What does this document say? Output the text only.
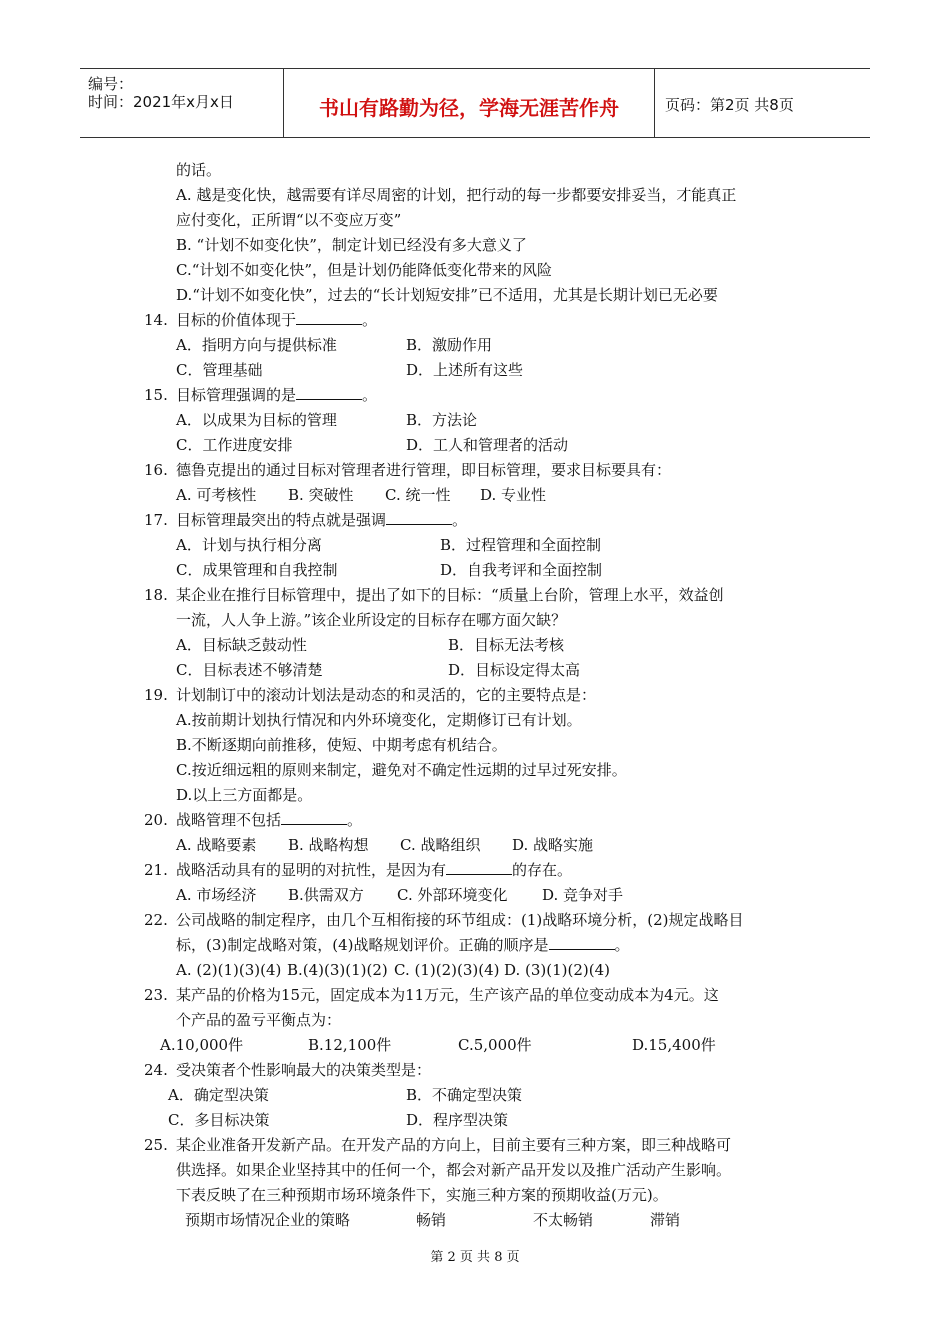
编号：
时间：2021年x月x日	书山有路勤为径，学海无涯苦作舟	页码：第2页 共8页
的话。
A. 越是变化快，越需要有详尽周密的计划，把行动的每一步都要安排妥当，才能真正
应付变化，正所谓“以不变应万变”
B. “计划不如变化快”，制定计划已经没有多大意义了
C.“计划不如变化快”，但是计划仍能降低变化带来的风险
D.“计划不如变化快”，过去的“长计划短安排”已不适用，尤其是长期计划已无必要
14. 目标的价值体现于	。
A．指明方向与提供标准	B．激励作用
C．管理基础	D．上述所有这些
15. 目标管理强调的是	。
A．以成果为目标的管理	B．方法论
C．工作进度安排	D．工人和管理者的活动
16. 德鲁克提出的通过目标对管理者进行管理，即目标管理，要求目标要具有：
A. 可考核性 B. 突破性 C. 统一性 D. 专业性
17. 目标管理最突出的特点就是强调	。
A．计划与执行相分离	B．过程管理和全面控制
C．成果管理和自我控制	D．自我考评和全面控制
18. 某企业在推行目标管理中，提出了如下的目标：“质量上台阶，管理上水平，效益创
一流，人人争上游。”该企业所设定的目标存在哪方面欠缺？
A．目标缺乏鼓动性	B．目标无法考核
C．目标表述不够清楚	D．目标设定得太高
19. 计划制订中的滚动计划法是动态的和灵活的，它的主要特点是：
A.按前期计划执行情况和内外环境变化，定期修订已有计划。
B.不断逐期向前推移，使短、中期考虑有机结合。
C.按近细远粗的原则来制定，避免对不确定性远期的过早过死安排。
D.以上三方面都是。
20. 战略管理不包括	。
A. 战略要素 B. 战略构想 C. 战略组织 D. 战略实施
21. 战略活动具有的显明的对抗性，是因为有	的存在。
A. 市场经济 B.供需双方 C. 外部环境变化 D. 竞争对手
22. 公司战略的制定程序，由几个互相衔接的环节组成：(1)战略环境分析，(2)规定战略目
标，(3)制定战略对策，(4)战略规划评价。正确的顺序是	。
A. (2)(1)(3)(4) B.(4)(3)(1)(2) C. (1)(2)(3)(4) D. (3)(1)(2)(4)
23. 某产品的价格为15元，固定成本为11万元，生产该产品的单位变动成本为4元。这
个产品的盈亏平衡点为：
A.10,000件	B.12,100件	C.5,000件	D.15,400件
24. 受决策者个性影响最大的决策类型是：
A．确定型决策	B．不确定型决策
C．多目标决策	D．程序型决策
25. 某企业准备开发新产品。在开发产品的方向上，目前主要有三种方案，即三种战略可
供选择。如果企业坚持其中的任何一个，都会对新产品开发以及推广活动产生影响。
下表反映了在三种预期市场环境条件下，实施三种方案的预期收益(万元)。
预期市场情况企业的策略	畅销	不太畅销	滞销
第 2 页 共 8 页
